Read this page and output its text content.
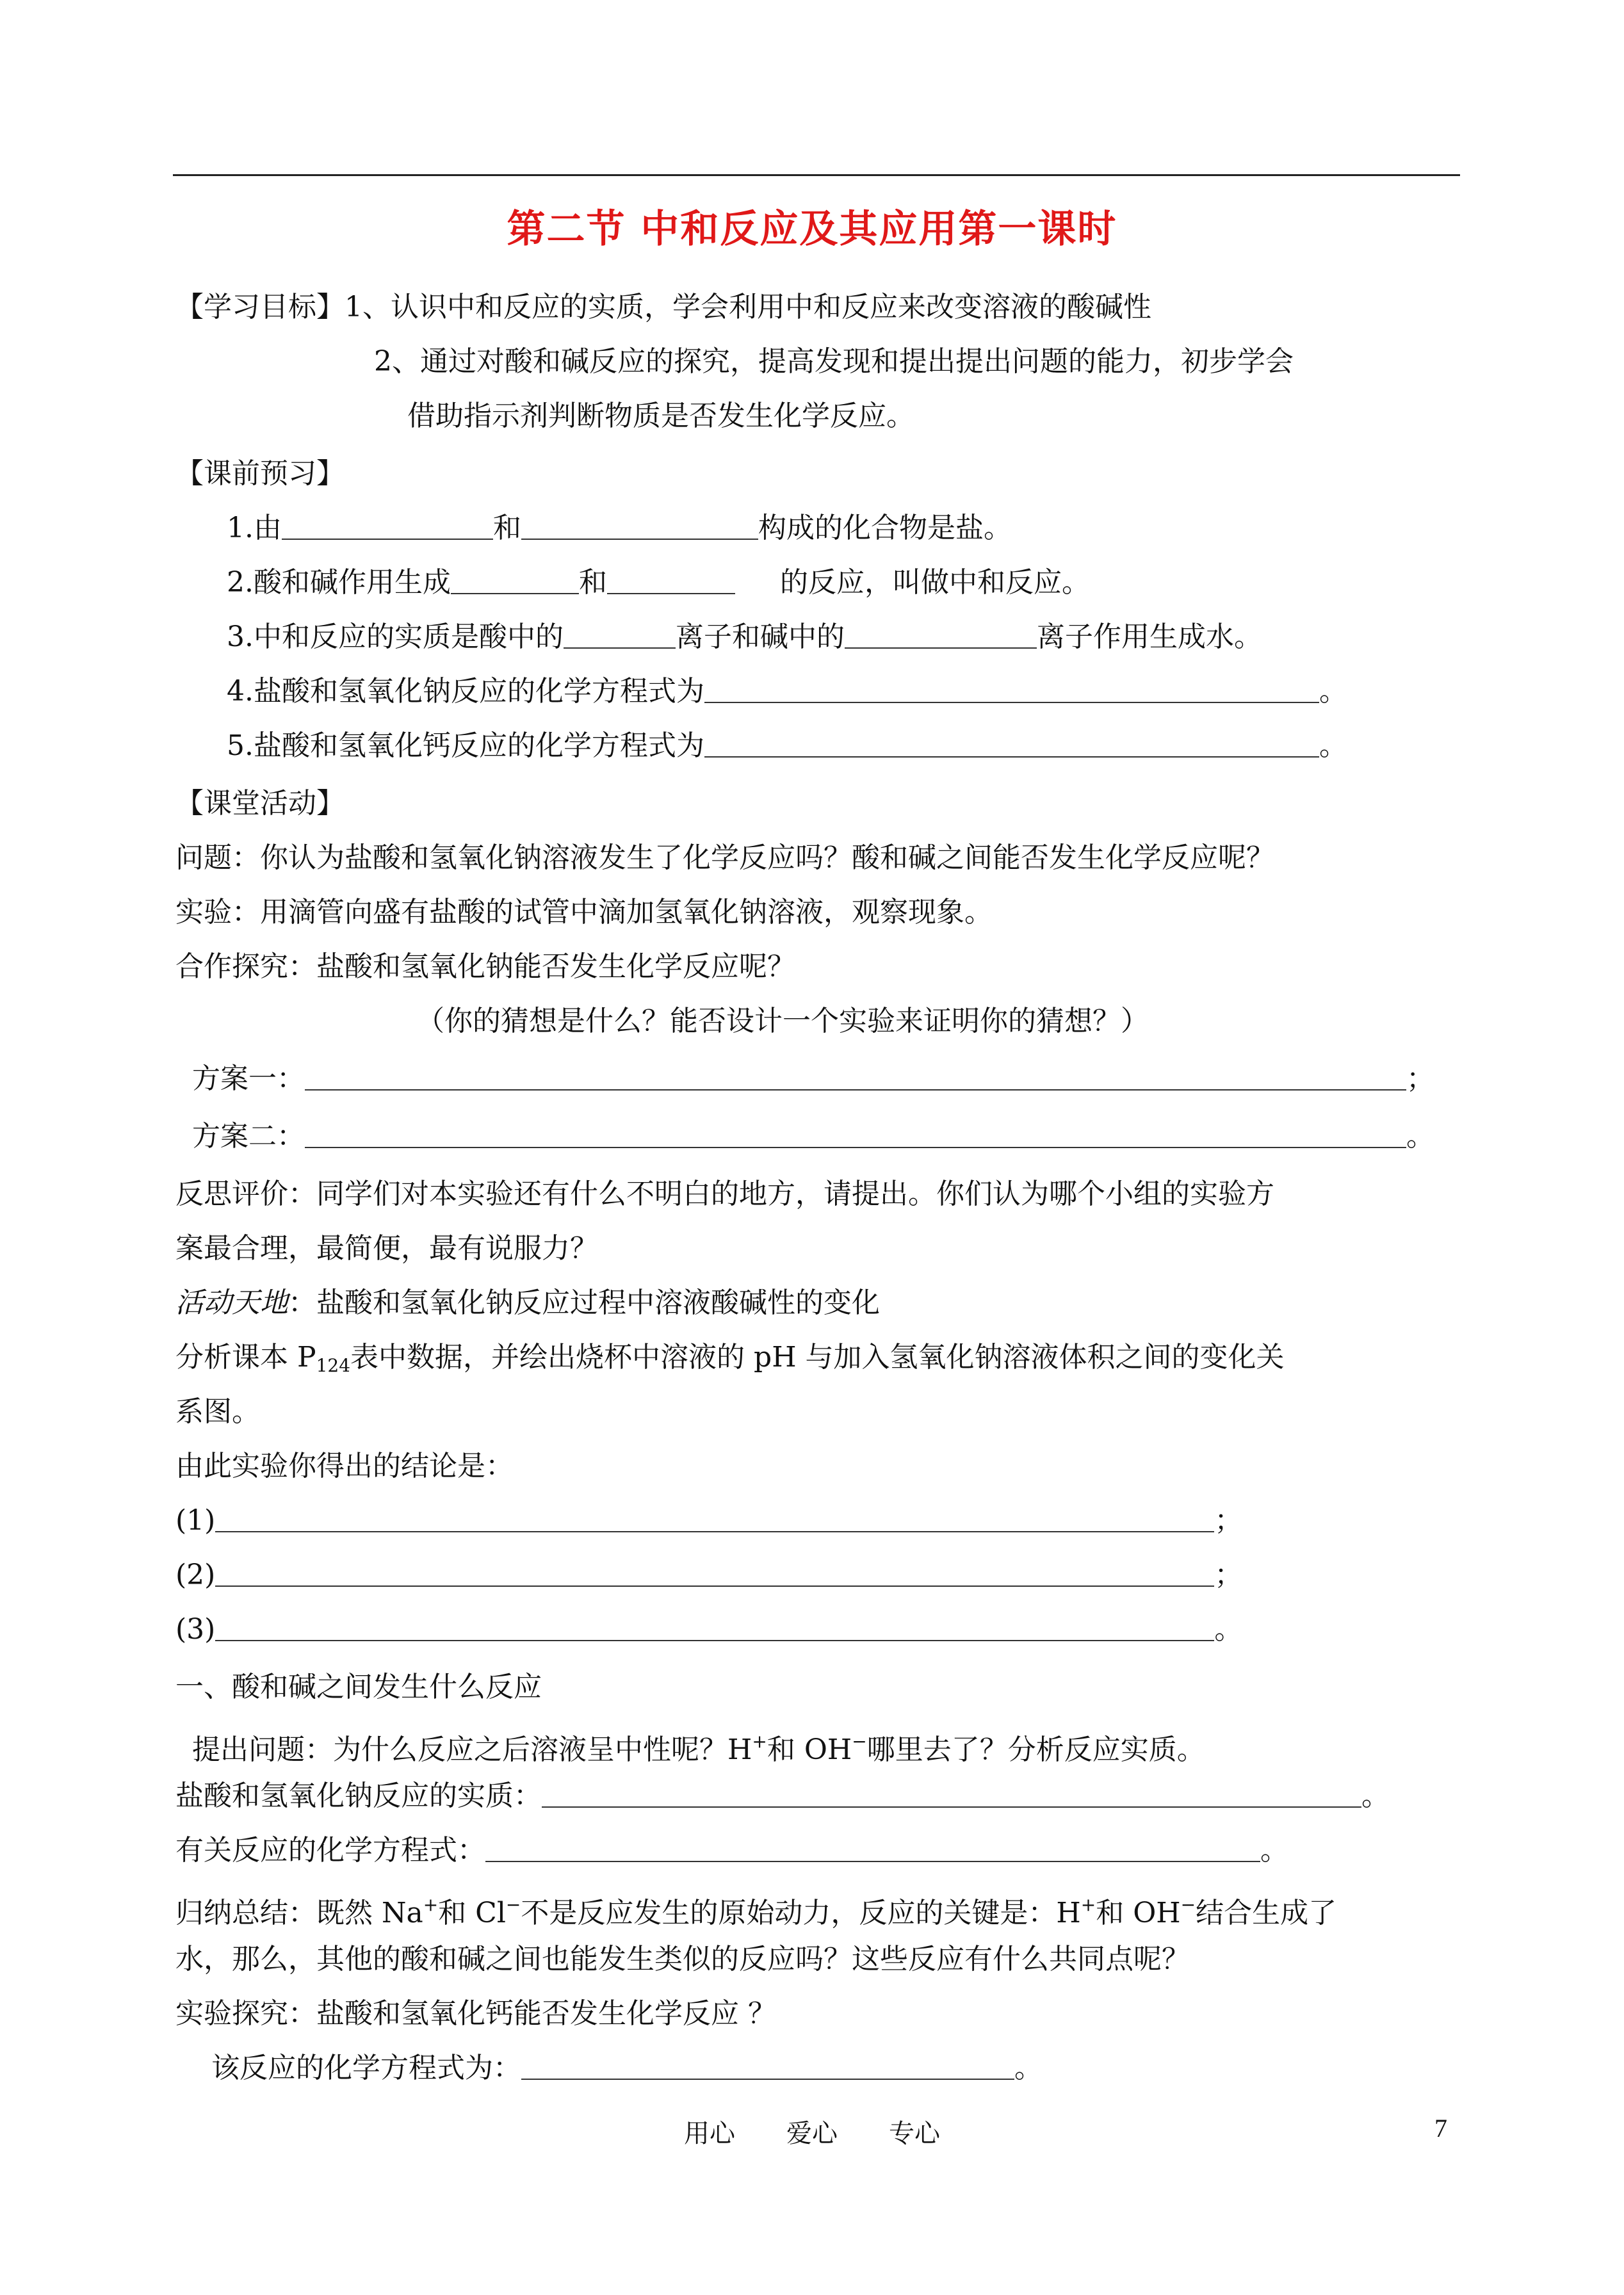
第二节 中和反应及其应用第一课时
【学习目标】1、认识中和反应的实质，学会利用中和反应来改变溶液的酸碱性
2、通过对酸和碱反应的探究，提高发现和提出提出问题的能力，初步学会
借助指示剂判断物质是否发生化学反应。
【课前预习】
1.由	和	构成的化合物是盐。
2.酸和碱作用生成	和	的反应，叫做中和反应。
3.中和反应的实质是酸中的	离子和碱中的	离子作用生成水。
4.盐酸和氢氧化钠反应的化学方程式为	。
5.盐酸和氢氧化钙反应的化学方程式为	。
【课堂活动】
问题：你认为盐酸和氢氧化钠溶液发生了化学反应吗？酸和碱之间能否发生化学反应呢？
实验：用滴管向盛有盐酸的试管中滴加氢氧化钠溶液，观察现象。
合作探究：盐酸和氢氧化钠能否发生化学反应呢？
（你的猜想是什么？能否设计一个实验来证明你的猜想？）
方案一：	；
方案二：	。
反思评价：同学们对本实验还有什么不明白的地方，请提出。你们认为哪个小组的实验方
案最合理，最简便，最有说服力？
活动天地：盐酸和氢氧化钠反应过程中溶液酸碱性的变化
分析课本 $P_{124}$表中数据，并绘出烧杯中溶液的 pH 与加入氢氧化钠溶液体积之间的变化关
系图。
由此实验你得出的结论是：
(1)	；
(2)	；
(3)	。
一、酸和碱之间发生什么反应
提出问题：为什么反应之后溶液呈中性呢？H+和 OH−哪里去了？分析反应实质。
盐酸和氢氧化钠反应的实质：	。
有关反应的化学方程式：	。
归纳总结：既然 Na+和 Cl−不是反应发生的原始动力，反应的关键是：H+和 OH−结合生成了
水，那么，其他的酸和碱之间也能发生类似的反应吗？这些反应有什么共同点呢？
实验探究：盐酸和氢氧化钙能否发生化学反应 ？
该反应的化学方程式为：	。
用心 爱心 专心	7
